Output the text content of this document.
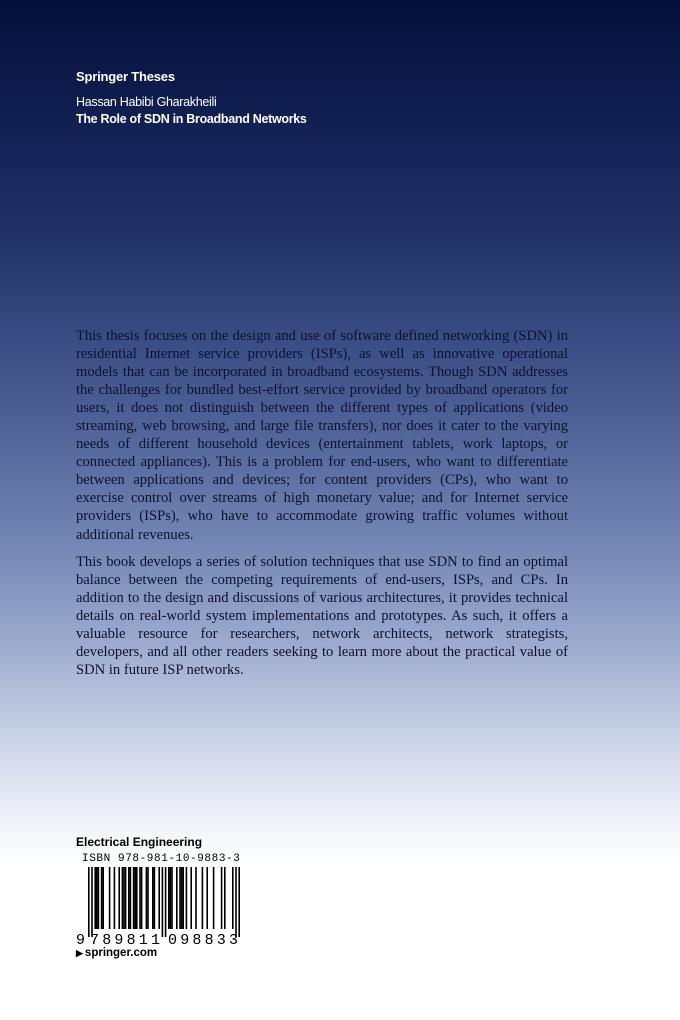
Springer Theses
Hassan Habibi Gharakheili
The Role of SDN in Broadband Networks

This thesis focuses on the design and use of software defined networking (SDN) in residential Internet service providers (ISPs), as well as innovative operational models that can be incorporated in broadband ecosystems. Though SDN addresses the challenges for bundled best-effort service provided by broadband operators for users, it does not distinguish between the different types of applications (video streaming, web browsing, and large file transfers), nor does it cater to the varying needs of different household devices (entertainment tablets, work laptops, or connected appliances). This is a problem for end-users, who want to differentiate between applications and devices; for content providers (CPs), who want to exercise control over streams of high monetary value; and for Internet service providers (ISPs), who have to accommodate growing traffic volumes without additional revenues.

This book develops a series of solution techniques that use SDN to find an optimal balance between the competing requirements of end-users, ISPs, and CPs. In addition to the design and discussions of various architectures, it provides technical details on real-world system implementations and prototypes. As such, it offers a valuable resource for researchers, network architects, network strategists, developers, and all other readers seeking to learn more about the practical value of SDN in future ISP networks.

Electrical Engineering
ISBN 978-981-10-9883-3
9 789811 098833
▶ springer.com
